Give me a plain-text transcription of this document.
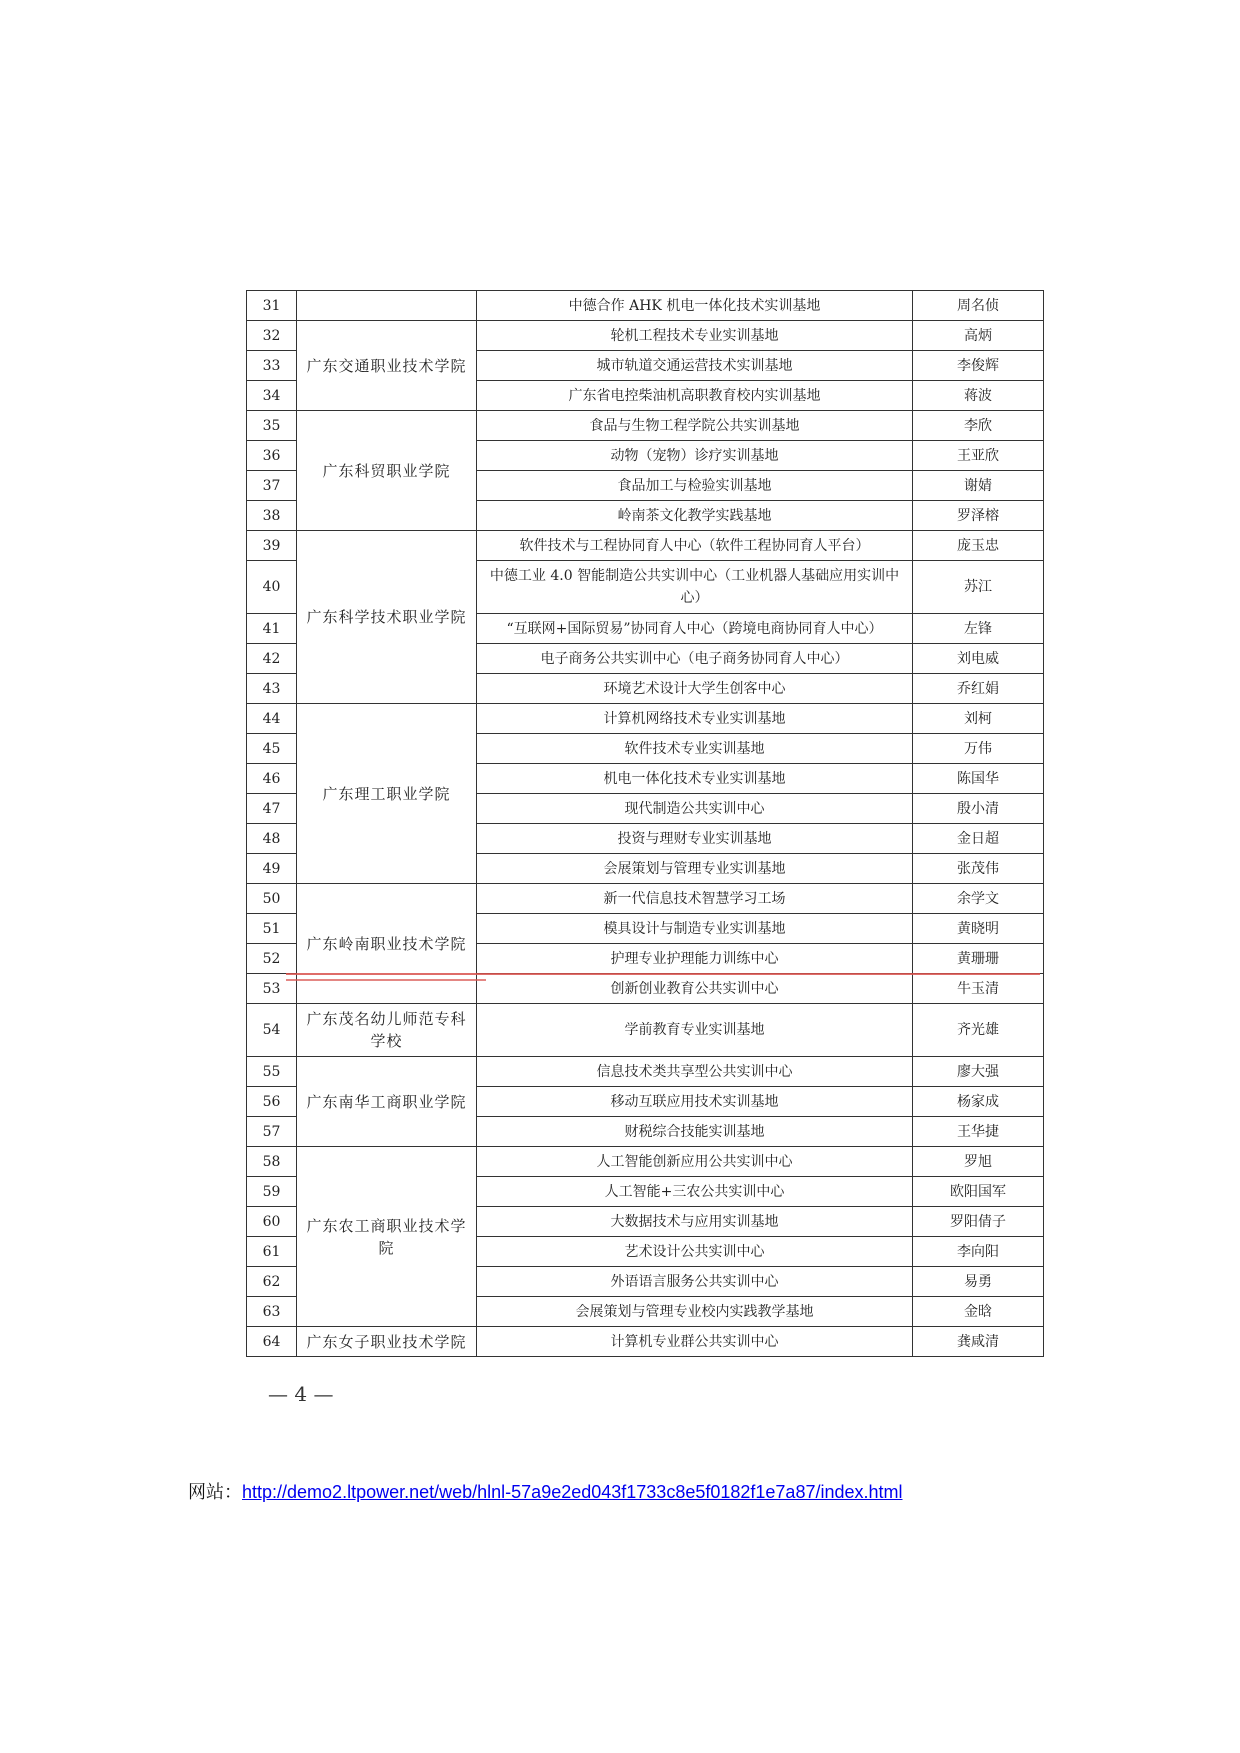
31		中德合作 AHK 机电一体化技术实训基地	周名侦
32	广东交通职业技术学院	轮机工程技术专业实训基地	高炳
33		城市轨道交通运营技术实训基地	李俊辉
34		广东省电控柴油机高职教育校内实训基地	蒋波
35	广东科贸职业学院	食品与生物工程学院公共实训基地	李欣
36		动物（宠物）诊疗实训基地	王亚欣
37		食品加工与检验实训基地	谢婧
38		岭南茶文化教学实践基地	罗泽榕
39	广东科学技术职业学院	软件技术与工程协同育人中心（软件工程协同育人平台）	庞玉忠
40		中德工业 4.0 智能制造公共实训中心（工业机器人基础应用实训中心）	苏江
41		“互联网+国际贸易”协同育人中心（跨境电商协同育人中心）	左锋
42		电子商务公共实训中心（电子商务协同育人中心）	刘电威
43		环境艺术设计大学生创客中心	乔红娟
44	广东理工职业学院	计算机网络技术专业实训基地	刘柯
45		软件技术专业实训基地	万伟
46		机电一体化技术专业实训基地	陈国华
47		现代制造公共实训中心	殷小清
48		投资与理财专业实训基地	金日超
49		会展策划与管理专业实训基地	张茂伟
50	广东岭南职业技术学院	新一代信息技术智慧学习工场	余学文
51		模具设计与制造专业实训基地	黄晓明
52		护理专业护理能力训练中心	黄珊珊
53		创新创业教育公共实训中心	牛玉清
54	广东茂名幼儿师范专科学校	学前教育专业实训基地	齐光雄
55	广东南华工商职业学院	信息技术类共享型公共实训中心	廖大强
56		移动互联应用技术实训基地	杨家成
57		财税综合技能实训基地	王华捷
58	广东农工商职业技术学院	人工智能创新应用公共实训中心	罗旭
59		人工智能+三农公共实训中心	欧阳国军
60		大数据技术与应用实训基地	罗阳倩子
61		艺术设计公共实训中心	李向阳
62		外语语言服务公共实训中心	易勇
63		会展策划与管理专业校内实践教学基地	金晗
64	广东女子职业技术学院	计算机专业群公共实训中心	龚咸清
— 4 —
网站：http://demo2.ltpower.net/web/hlnl-57a9e2ed043f1733c8e5f0182f1e7a87/index.html
